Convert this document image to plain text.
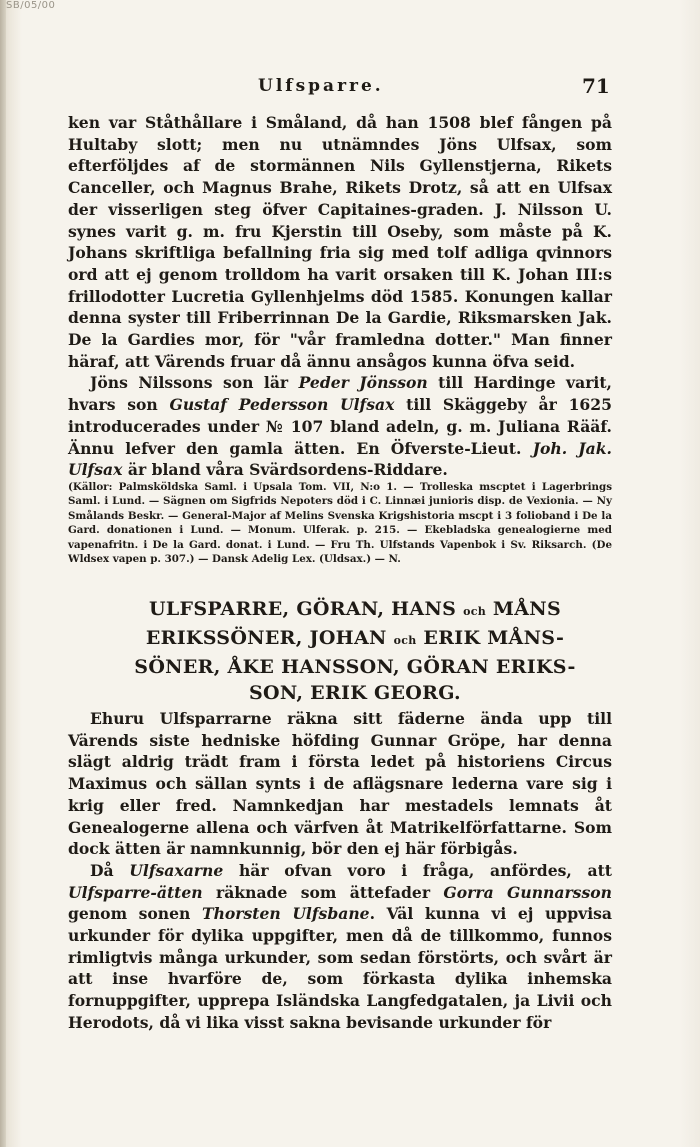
SB/05/00
Ulfsparre.	71

ken var Ståthållare i Småland, då han 1508 blef fången på Hultaby slott; men nu utnämndes Jöns Ulfsax, som efterföljdes af de stormännen Nils Gyllenstjerna, Rikets Canceller, och Magnus Brahe, Rikets Drotz, så att en Ulfsax der visserligen steg öfver Capitaines-graden. J. Nilsson U. synes varit g. m. fru Kjerstin till Oseby, som måste på K. Johans skriftliga befallning fria sig med tolf adliga qvinnors ord att ej genom trolldom ha varit orsaken till K. Johan III:s frillodotter Lucretia Gyllenhjelms död 1585. Konungen kallar denna syster till Friberrinnan De la Gardie, Riksmarsken Jak. De la Gardies mor, för "vår framledna dotter." Man finner häraf, att Värends fruar då ännu ansågos kunna öfva seid.

Jöns Nilssons son lär Peder Jönsson till Hardinge varit, hvars son Gustaf Pedersson Ulfsax till Skäggeby år 1625 introducerades under № 107 bland adeln, g. m. Juliana Rääf. Ännu lefver den gamla ätten. En Öfverste-Lieut. Joh. Jak. Ulfsax är bland våra Svärdsordens-Riddare.

(Källor: Palmsköldska Saml. i Upsala Tom. VII, N:o 1. — Trolleska mscptet i Lagerbrings Saml. i Lund. — Sägnen om Sigfrids Nepoters död i C. Linnæi junioris disp. de Vexionia. — Ny Smålands Beskr. — General-Major af Melins Svenska Krigshistoria mscpt i 3 folioband i De la Gard. donationen i Lund. — Monum. Ulferak. p. 215. — Ekebladska genealogierne med vapenafritn. i De la Gard. donat. i Lund. — Fru Th. Ulfstands Vapenbok i Sv. Riksarch. (De Wldsex vapen p. 307.) — Dansk Adelig Lex. (Uldsax.) — N.

ULFSPARRE, GÖRAN, HANS och MÅNS
ERIKSSÖNER, JOHAN och ERIK MÅNS-
SÖNER, ÅKE HANSSON, GÖRAN ERIKS-
SON, ERIK GEORG.

Ehuru Ulfsparrarne räkna sitt fäderne ända upp till Värends siste hedniske höfding Gunnar Gröpe, har denna slägt aldrig trädt fram i första ledet på historiens Circus Maximus och sällan synts i de aflägsnare lederna vare sig i krig eller fred. Namnkedjan har mestadels lemnats åt Genealogerne allena och värfven åt Matrikelförfattarne. Som dock ätten är namnkunnig, bör den ej här förbigås.

Då Ulfsaxarne här ofvan voro i fråga, anfördes, att Ulfsparre-ätten räknade som ättefader Gorra Gunnarsson genom sonen Thorsten Ulfsbane. Väl kunna vi ej uppvisa urkunder för dylika uppgifter, men då de tillkommo, funnos rimligtvis många urkunder, som sedan förstörts, och svårt är att inse hvarföre de, som förkasta dylika inhemska fornuppgifter, upprepa Isländska Langfedgatalen, ja Livii och Herodots, då vi lika visst sakna bevisande urkunder för
